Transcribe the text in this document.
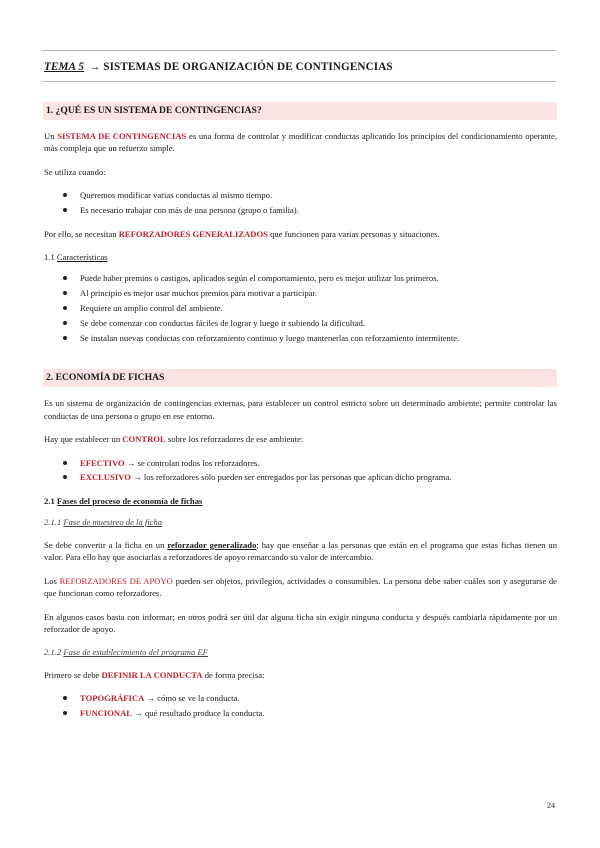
TEMA 5 → SISTEMAS DE ORGANIZACIÓN DE CONTINGENCIAS
1. ¿QUÉ ES UN SISTEMA DE CONTINGENCIAS?

Un SISTEMA DE CONTINGENCIAS es una forma de controlar y modificar conductas aplicando los principios del condicionamiento operante, más compleja que un refuerzo simple.

Se utiliza cuando:

Queremos modificar varias conductas al mismo tiempo.
Es necesario trabajar con más de una persona (grupo o familia).

Por ello, se necesitan REFORZADORES GENERALIZADOS que funcionen para varias personas y situaciones.

1.1 Características
Puede haber premios o castigos, aplicados según el comportamiento, pero es mejor utilizar los primeros.
Al principio es mejor usar muchos premios para motivar a participar.
Requiere un amplio control del ambiente.
Se debe comenzar con conductas fáciles de lograr y luego ir subiendo la dificultad.
Se instalan nuevas conductas con reforzamiento continuo y luego mantenerlas con reforzamiento intermitente.
2. ECONOMÍA DE FICHAS

Es un sistema de organización de contingencias externas, para establecer un control estricto sobre un determinado ambiente; permite controlar las conductas de una persona o grupo en ese entorno.

Hay que establecer un CONTROL sobre los reforzadores de ese ambiente:

EFECTIVO → se controlan todos los reforzadores.
EXCLUSIVO → los reforzadores sólo pueden ser entregados por las personas que aplican dicho programa.
2.1 Fases del proceso de economía de fichas
2.1.1 Fase de muestreo de la ficha

Se debe convertir a la ficha en un reforzador generalizado; hay que enseñar a las personas que están en el programa que estas fichas tienen un valor. Para ello hay que asociarlas a reforzadores de apoyo remarcando su valor de intercambio.

Los REFORZADORES DE APOYO pueden ser objetos, privilegios, actividades o consumibles. La persona debe saber cuáles son y asegurarse de que funcionan como reforzadores.

En algunos casos basta con informar; en otros podrá ser útil dar alguna ficha sin exigir ninguna conducta y después cambiarla rápidamente por un reforzador de apoyo.

2.1.2 Fase de establecimiento del programa EF

Primero se debe DEFINIR LA CONDUCTA de forma precisa:

TOPOGRÁFICA → cómo se ve la conducta.
FUNCIONAL → qué resultado produce la conducta.
24
